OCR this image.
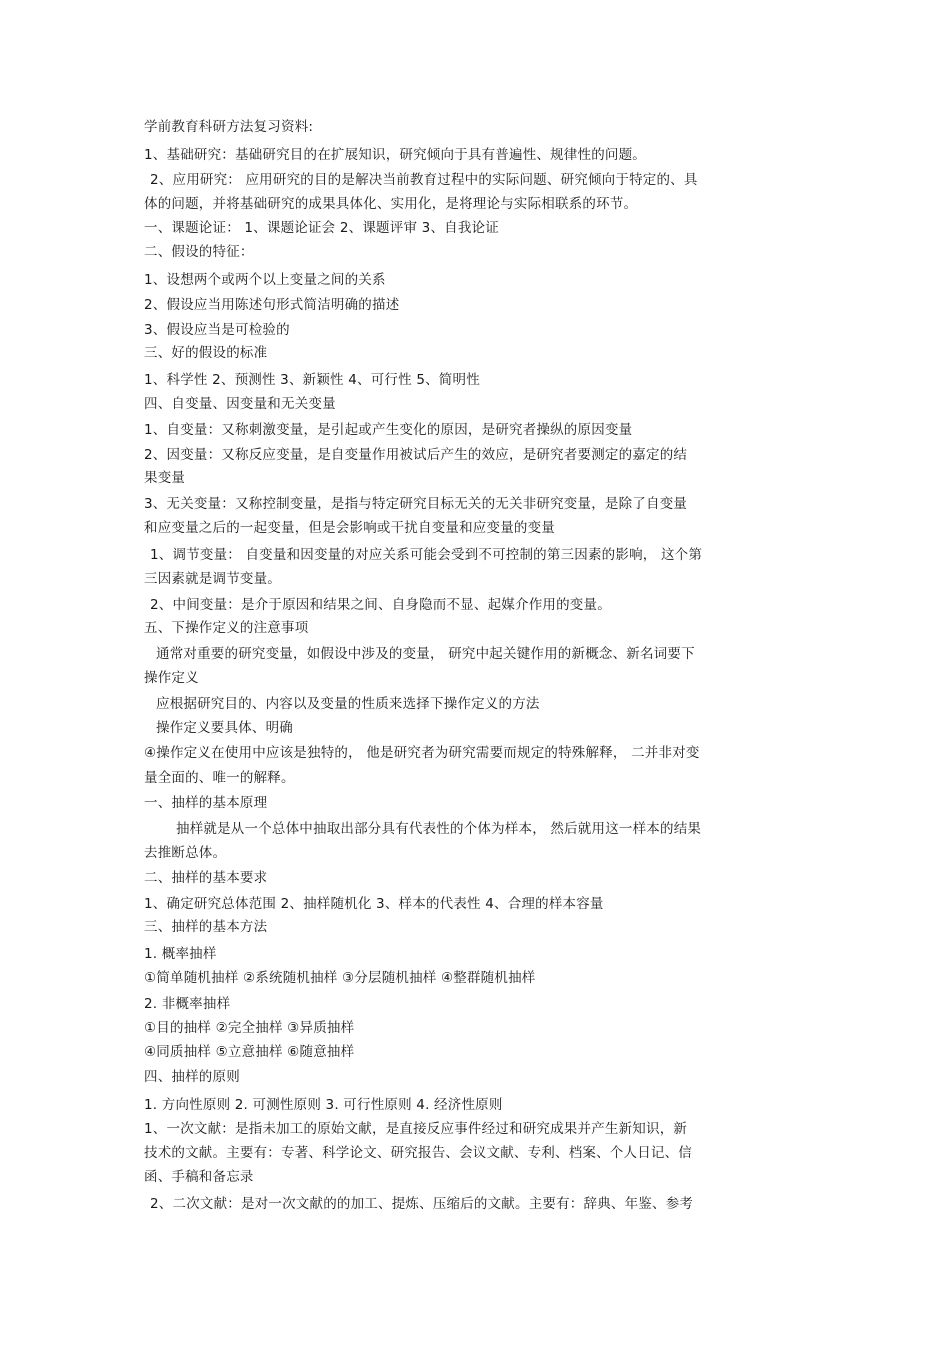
学前教育科研方法复习资料:
1、基础研究：基础研究目的在扩展知识，研究倾向于具有普遍性、规律性的问题。
2、应用研究： 应用研究的目的是解决当前教育过程中的实际问题、研究倾向于特定的、具
体的问题，并将基础研究的成果具体化、实用化，是将理论与实际相联系的环节。
一、课题论证： 1、课题论证会 2、课题评审 3、自我论证
二、假设的特征：
1、设想两个或两个以上变量之间的关系
2、假设应当用陈述句形式简洁明确的描述
3、假设应当是可检验的
三、好的假设的标准
1、科学性 2、预测性 3、新颖性 4、可行性 5、简明性
四、自变量、因变量和无关变量
1、自变量：又称刺激变量，是引起或产生变化的原因，是研究者操纵的原因变量
2、因变量：又称反应变量，是自变量作用被试后产生的效应，是研究者要测定的嘉定的结
果变量
3、无关变量：又称控制变量，是指与特定研究目标无关的无关非研究变量，是除了自变量
和应变量之后的一起变量，但是会影响或干扰自变量和应变量的变量
1、调节变量： 自变量和因变量的对应关系可能会受到不可控制的第三因素的影响， 这个第
三因素就是调节变量。
2、中间变量：是介于原因和结果之间、自身隐而不显、起媒介作用的变量。
五、下操作定义的注意事项
通常对重要的研究变量，如假设中涉及的变量， 研究中起关键作用的新概念、新名词要下
操作定义
应根据研究目的、内容以及变量的性质来选择下操作定义的方法
操作定义要具体、明确
④操作定义在使用中应该是独特的， 他是研究者为研究需要而规定的特殊解释， 二并非对变
量全面的、唯一的解释。
一、抽样的基本原理
抽样就是从一个总体中抽取出部分具有代表性的个体为样本， 然后就用这一样本的结果
去推断总体。
二、抽样的基本要求
1、确定研究总体范围 2、抽样随机化 3、样本的代表性 4、合理的样本容量
三、抽样的基本方法
1. 概率抽样
①简单随机抽样 ②系统随机抽样 ③分层随机抽样 ④整群随机抽样
2. 非概率抽样
①目的抽样 ②完全抽样 ③异质抽样
④同质抽样 ⑤立意抽样 ⑥随意抽样
四、抽样的原则
1. 方向性原则 2. 可测性原则 3. 可行性原则 4. 经济性原则
1、一次文献：是指未加工的原始文献，是直接反应事件经过和研究成果并产生新知识，新
技术的文献。主要有：专著、科学论文、研究报告、会议文献、专利、档案、个人日记、信
函、手稿和备忘录
2、二次文献：是对一次文献的的加工、提炼、压缩后的文献。主要有：辞典、年鉴、参考
